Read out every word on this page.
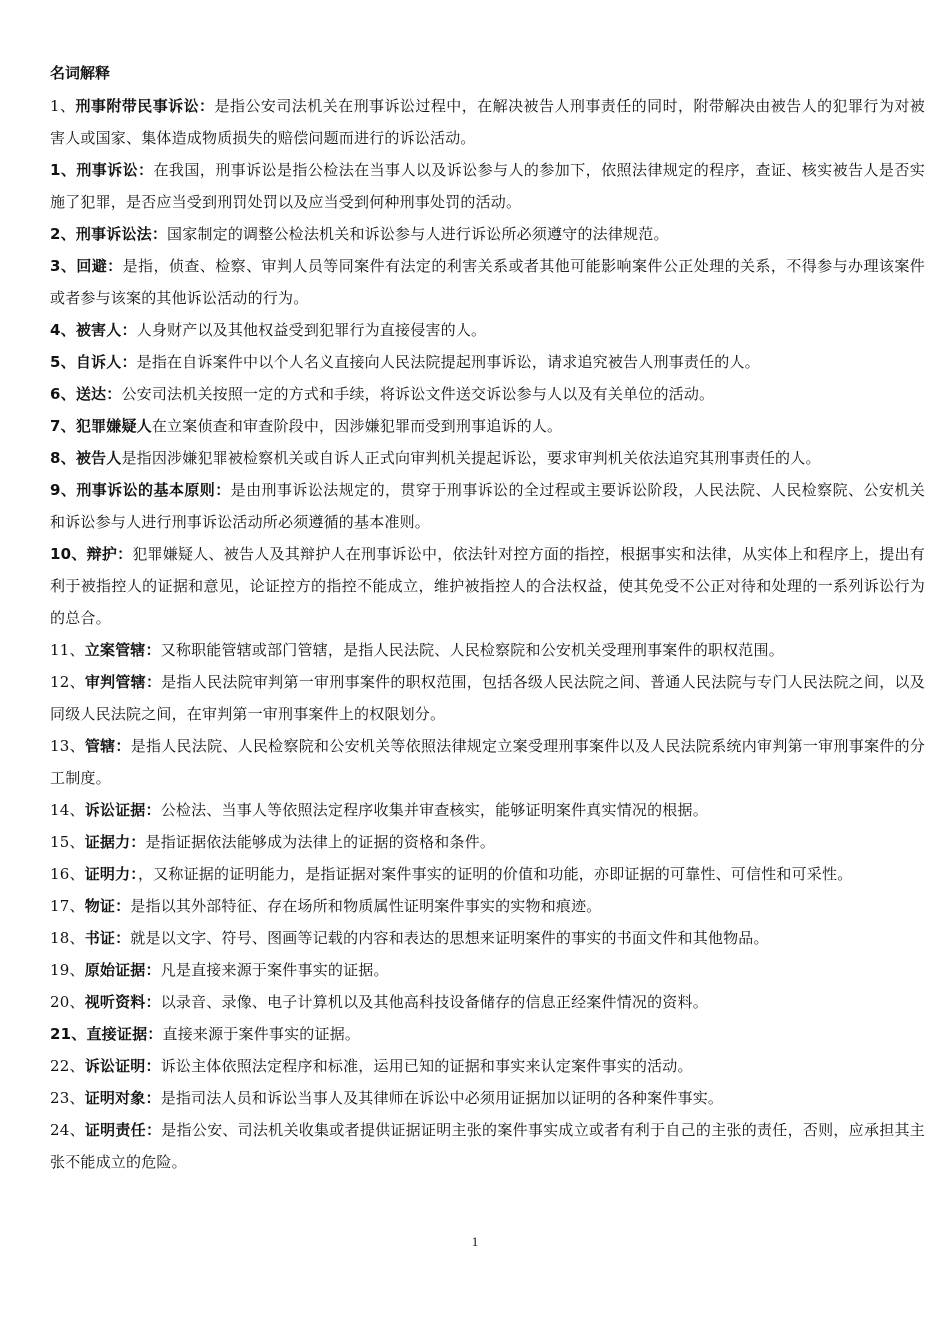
名词解释

1、刑事附带民事诉讼：是指公安司法机关在刑事诉讼过程中，在解决被告人刑事责任的同时，附带解决由被告人的犯罪行为对被害人或国家、集体造成物质损失的赔偿问题而进行的诉讼活动。

1、刑事诉讼：在我国，刑事诉讼是指公检法在当事人以及诉讼参与人的参加下，依照法律规定的程序，查证、核实被告人是否实施了犯罪，是否应当受到刑罚处罚以及应当受到何种刑事处罚的活动。

2、刑事诉讼法：国家制定的调整公检法机关和诉讼参与人进行诉讼所必须遵守的法律规范。

3、回避：是指，侦查、检察、审判人员等同案件有法定的利害关系或者其他可能影响案件公正处理的关系，不得参与办理该案件或者参与该案的其他诉讼活动的行为。

4、被害人：人身财产以及其他权益受到犯罪行为直接侵害的人。

5、自诉人：是指在自诉案件中以个人名义直接向人民法院提起刑事诉讼，请求追究被告人刑事责任的人。

6、送达：公安司法机关按照一定的方式和手续，将诉讼文件送交诉讼参与人以及有关单位的活动。

7、犯罪嫌疑人在立案侦查和审查阶段中，因涉嫌犯罪而受到刑事追诉的人。

8、被告人是指因涉嫌犯罪被检察机关或自诉人正式向审判机关提起诉讼，要求审判机关依法追究其刑事责任的人。

9、刑事诉讼的基本原则：是由刑事诉讼法规定的，贯穿于刑事诉讼的全过程或主要诉讼阶段，人民法院、人民检察院、公安机关和诉讼参与人进行刑事诉讼活动所必须遵循的基本准则。

10、辩护：犯罪嫌疑人、被告人及其辩护人在刑事诉讼中，依法针对控方面的指控，根据事实和法律，从实体上和程序上，提出有利于被指控人的证据和意见，论证控方的指控不能成立，维护被指控人的合法权益，使其免受不公正对待和处理的一系列诉讼行为的总合。

11、立案管辖：又称职能管辖或部门管辖，是指人民法院、人民检察院和公安机关受理刑事案件的职权范围。

12、审判管辖：是指人民法院审判第一审刑事案件的职权范围，包括各级人民法院之间、普通人民法院与专门人民法院之间，以及同级人民法院之间，在审判第一审刑事案件上的权限划分。

13、管辖：是指人民法院、人民检察院和公安机关等依照法律规定立案受理刑事案件以及人民法院系统内审判第一审刑事案件的分工制度。

14、诉讼证据：公检法、当事人等依照法定程序收集并审查核实，能够证明案件真实情况的根据。

15、证据力：是指证据依法能够成为法律上的证据的资格和条件。

16、证明力：，又称证据的证明能力，是指证据对案件事实的证明的价值和功能，亦即证据的可靠性、可信性和可采性。

17、物证：是指以其外部特征、存在场所和物质属性证明案件事实的实物和痕迹。

18、书证：就是以文字、符号、图画等记载的内容和表达的思想来证明案件的事实的书面文件和其他物品。

19、原始证据：凡是直接来源于案件事实的证据。

20、视听资料：以录音、录像、电子计算机以及其他高科技设备储存的信息正经案件情况的资料。

21、直接证据：直接来源于案件事实的证据。

22、诉讼证明：诉讼主体依照法定程序和标准，运用已知的证据和事实来认定案件事实的活动。

23、证明对象：是指司法人员和诉讼当事人及其律师在诉讼中必须用证据加以证明的各种案件事实。

24、证明责任：是指公安、司法机关收集或者提供证据证明主张的案件事实成立或者有利于自己的主张的责任，否则，应承担其主张不能成立的危险。

1
